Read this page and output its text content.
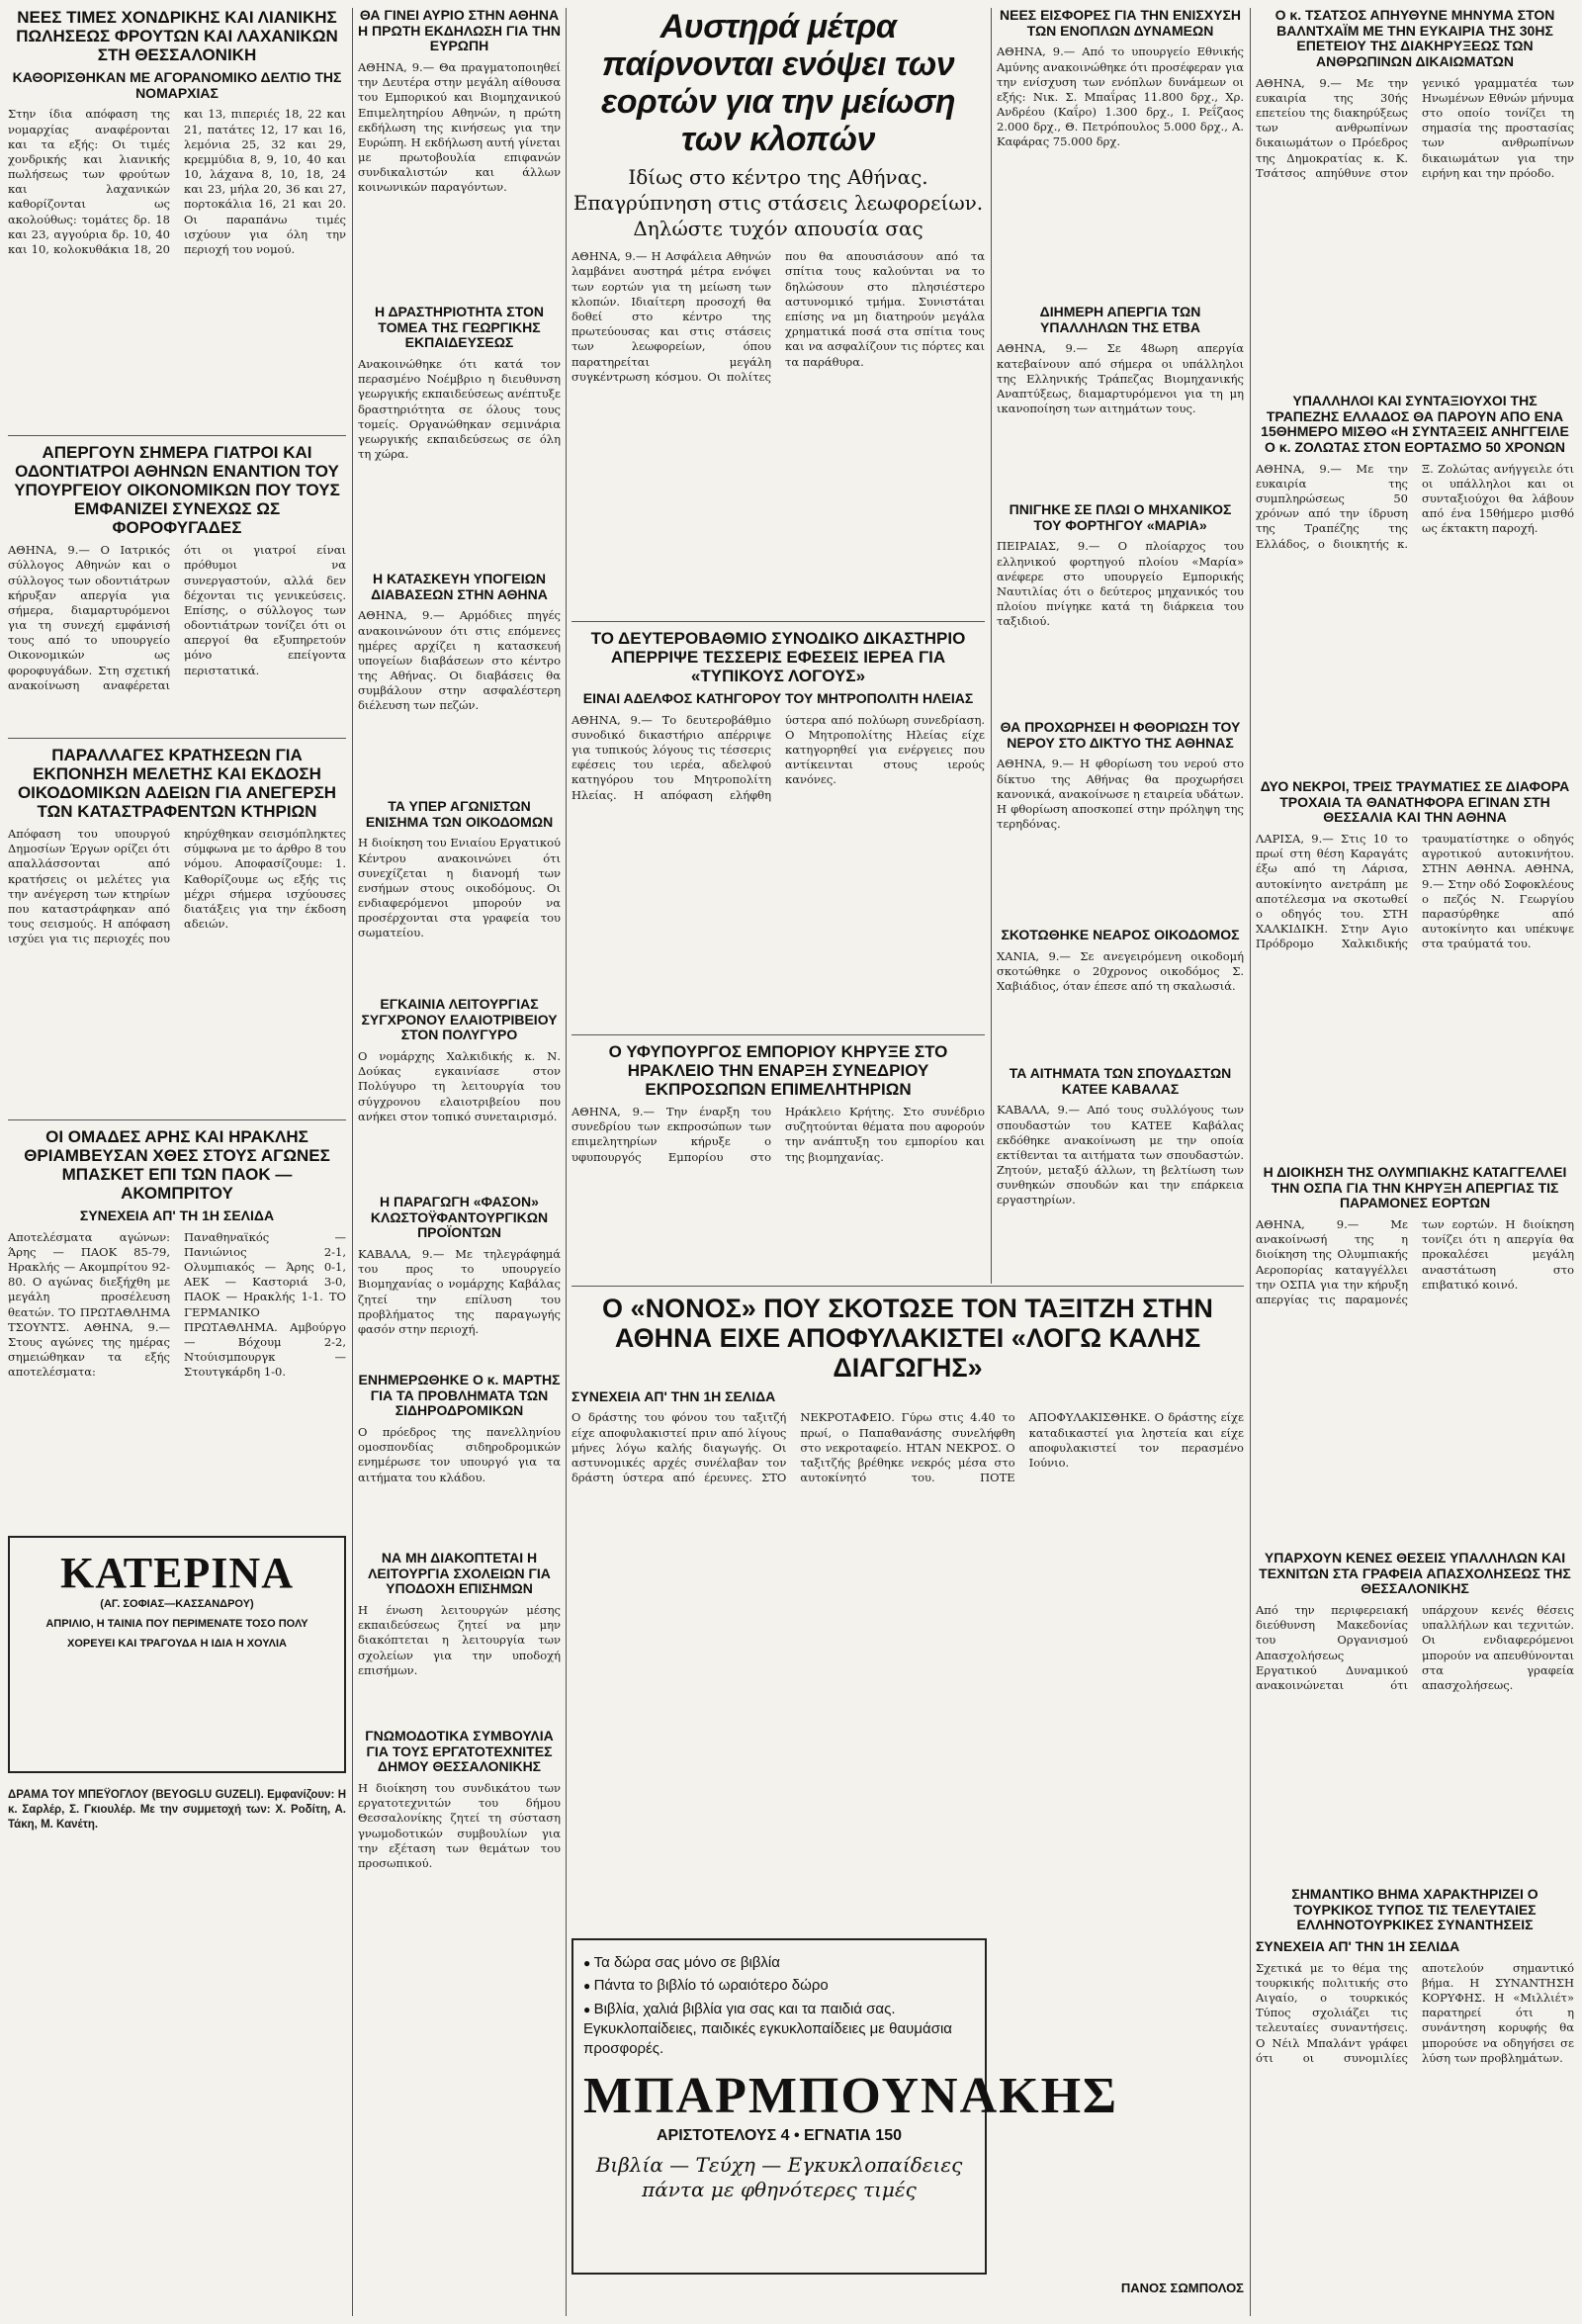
ΝΕΕΣ ΤΙΜΕΣ ΧΟΝΔΡΙΚΗΣ ΚΑΙ ΛΙΑΝΙΚΗΣ ΠΩΛΗΣΕΩΣ ΦΡΟΥΤΩΝ ΚΑΙ ΛΑΧΑΝΙΚΩΝ ΣΤΗ ΘΕΣΣΑΛΟΝΙΚΗ
ΚΑΘΟΡΙΣΘΗΚΑΝ ΜΕ ΑΓΟΡΑΝΟΜΙΚΟ ΔΕΛΤΙΟ ΤΗΣ ΝΟΜΑΡΧΙΑΣ

Στην ίδια απόφαση της νομαρχίας αναφέρονται και τα εξής: Οι τιμές χονδρικής και λιανικής πωλήσεως των φρούτων και λαχανικών καθορίζονται ως ακολούθως: τομάτες δρ. 18 και 23, αγγούρια δρ. 10, 40 και 10, κολοκυθάκια 18, 20 και 13, πιπεριές 18, 22 και 21, πατάτες 12, 17 και 16, λεμόνια 25, 32 και 29, κρεμμύδια 8, 9, 10, 40 και 10, λάχανα 8, 10, 18, 24 και 23, μήλα 20, 36 και 27, πορτοκάλια 16, 21 και 20. Οι παραπάνω τιμές ισχύουν για όλη την περιοχή του νομού.

ΑΠΕΡΓΟΥΝ ΣΗΜΕΡΑ ΓΙΑΤΡΟΙ ΚΑΙ ΟΔΟΝΤΙΑΤΡΟΙ ΑΘΗΝΩΝ ΕΝΑΝΤΙΟΝ ΤΟΥ ΥΠΟΥΡΓΕΙΟΥ ΟΙΚΟΝΟΜΙΚΩΝ ΠΟΥ ΤΟΥΣ ΕΜΦΑΝΙΖΕΙ ΣΥΝΕΧΩΣ ΩΣ ΦΟΡΟΦΥΓΑΔΕΣ

ΑΘΗΝΑ, 9.— Ο Ιατρικός σύλλογος Αθηνών και ο σύλλογος των οδοντιάτρων κήρυξαν απεργία για σήμερα, διαμαρτυρόμενοι για τη συνεχή εμφάνισή τους από το υπουργείο Οικονομικών ως φοροφυγάδων. Στη σχετική ανακοίνωση αναφέρεται ότι οι γιατροί είναι πρόθυμοι να συνεργαστούν, αλλά δεν δέχονται τις γενικεύσεις. Επίσης, ο σύλλογος των οδοντιάτρων τονίζει ότι οι απεργοί θα εξυπηρετούν μόνο επείγοντα περιστατικά.

ΠΑΡΑΛΛΑΓΕΣ ΚΡΑΤΗΣΕΩΝ ΓΙΑ ΕΚΠΟΝΗΣΗ ΜΕΛΕΤΗΣ ΚΑΙ ΕΚΔΟΣΗ ΟΙΚΟΔΟΜΙΚΩΝ ΑΔΕΙΩΝ ΓΙΑ ΑΝΕΓΕΡΣΗ ΤΩΝ ΚΑΤΑΣΤΡΑΦΕΝΤΩΝ ΚΤΗΡΙΩΝ

Απόφαση του υπουργού Δημοσίων Έργων ορίζει ότι απαλλάσσονται από κρατήσεις οι μελέτες για την ανέγερση των κτηρίων που καταστράφηκαν από τους σεισμούς. Η απόφαση ισχύει για τις περιοχές που κηρύχθηκαν σεισμόπληκτες σύμφωνα με το άρθρο 8 του νόμου. Αποφασίζουμε: 1. Καθορίζουμε ως εξής τις μέχρι σήμερα ισχύουσες διατάξεις για την έκδοση αδειών.

ΟΙ ΟΜΑΔΕΣ ΑΡΗΣ ΚΑΙ ΗΡΑΚΛΗΣ ΘΡΙΑΜΒΕΥΣΑΝ ΧΘΕΣ ΣΤΟΥΣ ΑΓΩΝΕΣ ΜΠΑΣΚΕΤ ΕΠΙ ΤΩΝ ΠΑΟΚ — ΑΚΟΜΠΡΙΤΟΥ
ΣΥΝΕΧΕΙΑ ΑΠ' ΤΗ 1Η ΣΕΛΙΔΑ

Αποτελέσματα αγώνων: Άρης — ΠΑΟΚ 85-79, Ηρακλής — Ακομπρίτου 92-80. Ο αγώνας διεξήχθη με μεγάλη προσέλευση θεατών. ΤΟ ΠΡΩΤΑΘΛΗΜΑ ΤΣΟΥΝΤΣ. ΑΘΗΝΑ, 9.— Στους αγώνες της ημέρας σημειώθηκαν τα εξής αποτελέσματα: Παναθηναϊκός — Πανιώνιος 2-1, Ολυμπιακός — Άρης 0-1, ΑΕΚ — Καστοριά 3-0, ΠΑΟΚ — Ηρακλής 1-1. ΤΟ ΓΕΡΜΑΝΙΚΟ ΠΡΩΤΑΘΛΗΜΑ. Αμβούργο — Βόχουμ 2-2, Ντούισμπουργκ — Στουτγκάρδη 1-0.

ΚΑΤΕΡΙΝΑ
(ΑΓ. ΣΟΦΙΑΣ—ΚΑΣΣΑΝΔΡΟΥ)
ΑΠΡΙΛΙΟ, Η ΤΑΙΝΙΑ ΠΟΥ ΠΕΡΙΜΕΝΑΤΕ ΤΟΣΟ ΠΟΛΥ
ΧΟΡΕΥΕΙ ΚΑΙ ΤΡΑΓΟΥΔΑ Η ΙΔΙΑ Η ΧΟΥΛΙΑ

ΔΡΑΜΑ ΤΟΥ ΜΠΕΫΟΓΛΟΥ (BEYOGLU GUZELI). Εμφανίζουν: Η κ. Σαρλέρ, Σ. Γκιουλέρ. Με την συμμετοχή των: Χ. Ροδίτη, Α. Τάκη, Μ. Κανέτη.

ΘΑ ΓΙΝΕΙ ΑΥΡΙΟ ΣΤΗΝ ΑΘΗΝΑ Η ΠΡΩΤΗ ΕΚΔΗΛΩΣΗ ΓΙΑ ΤΗΝ ΕΥΡΩΠΗ

ΑΘΗΝΑ, 9.— Θα πραγματοποιηθεί την Δευτέρα στην μεγάλη αίθουσα του Εμπορικού και Βιομηχανικού Επιμελητηρίου Αθηνών, η πρώτη εκδήλωση της κινήσεως για την Ευρώπη. Η εκδήλωση αυτή γίνεται με πρωτοβουλία επιφανών συνδικαλιστών και άλλων κοινωνικών παραγόντων.

Η ΔΡΑΣΤΗΡΙΟΤΗΤΑ ΣΤΟΝ ΤΟΜΕΑ ΤΗΣ ΓΕΩΡΓΙΚΗΣ ΕΚΠΑΙΔΕΥΣΕΩΣ

Ανακοινώθηκε ότι κατά τον περασμένο Νοέμβριο η διευθυνση γεωργικής εκπαιδεύσεως ανέπτυξε δραστηριότητα σε όλους τους τομείς. Οργανώθηκαν σεμινάρια γεωργικής εκπαιδεύσεως σε όλη τη χώρα.

Η ΚΑΤΑΣΚΕΥΗ ΥΠΟΓΕΙΩΝ ΔΙΑΒΑΣΕΩΝ ΣΤΗΝ ΑΘΗΝΑ

ΑΘΗΝΑ, 9.— Αρμόδιες πηγές ανακοινώνουν ότι στις επόμενες ημέρες αρχίζει η κατασκευή υπογείων διαβάσεων στο κέντρο της Αθήνας. Οι διαβάσεις θα συμβάλουν στην ασφαλέστερη διέλευση των πεζών.

ΤΑ ΥΠΕΡ ΑΓΩΝΙΣΤΩΝ ΕΝΙΣΗΜΑ ΤΩΝ ΟΙΚΟΔΟΜΩΝ

Η διοίκηση του Ενιαίου Εργατικού Κέντρου ανακοινώνει ότι συνεχίζεται η διανομή των ενσήμων στους οικοδόμους. Οι ενδιαφερόμενοι μπορούν να προσέρχονται στα γραφεία του σωματείου.

ΕΓΚΑΙΝΙΑ ΛΕΙΤΟΥΡΓΙΑΣ ΣΥΓΧΡΟΝΟΥ ΕΛΑΙΟΤΡΙΒΕΙΟΥ ΣΤΟΝ ΠΟΛΥΓΥΡΟ

Ο νομάρχης Χαλκιδικής κ. Ν. Δούκας εγκαινίασε στον Πολύγυρο τη λειτουργία του σύγχρονου ελαιοτριβείου που ανήκει στον τοπικό συνεταιρισμό.

Η ΠΑΡΑΓΩΓΗ «ΦΑΣΟΝ» ΚΛΩΣΤΟΫΦΑΝΤΟΥΡΓΙΚΩΝ ΠΡΟΪΟΝΤΩΝ

ΚΑΒΑΛΑ, 9.— Με τηλεγράφημά του προς το υπουργείο Βιομηχανίας ο νομάρχης Καβάλας ζητεί την επίλυση του προβλήματος της παραγωγής φασόν στην περιοχή.

ΕΝΗΜΕΡΩΘΗΚΕ Ο κ. ΜΑΡΤΗΣ ΓΙΑ ΤΑ ΠΡΟΒΛΗΜΑΤΑ ΤΩΝ ΣΙΔΗΡΟΔΡΟΜΙΚΩΝ

Ο πρόεδρος της πανελληνίου ομοσπονδίας σιδηροδρομικών ενημέρωσε τον υπουργό για τα αιτήματα του κλάδου.

ΝΑ ΜΗ ΔΙΑΚΟΠΤΕΤΑΙ Η ΛΕΙΤΟΥΡΓΙΑ ΣΧΟΛΕΙΩΝ ΓΙΑ ΥΠΟΔΟΧΗ ΕΠΙΣΗΜΩΝ

Η ένωση λειτουργών μέσης εκπαιδεύσεως ζητεί να μην διακόπτεται η λειτουργία των σχολείων για την υποδοχή επισήμων.

ΓΝΩΜΟΔΟΤΙΚΑ ΣΥΜΒΟΥΛΙΑ ΓΙΑ ΤΟΥΣ ΕΡΓΑΤΟΤΕΧΝΙΤΕΣ ΔΗΜΟΥ ΘΕΣΣΑΛΟΝΙΚΗΣ

Η διοίκηση του συνδικάτου των εργατοτεχνιτών του δήμου Θεσσαλονίκης ζητεί τη σύσταση γνωμοδοτικών συμβουλίων για την εξέταση των θεμάτων του προσωπικού.

Αυστηρά μέτρα παίρνονται ενόψει των εορτών για την μείωση των κλοπών

Ιδίως στο κέντρο της Αθήνας. Επαγρύπνηση στις στάσεις λεωφορείων. Δηλώστε τυχόν απουσία σας

ΑΘΗΝΑ, 9.— Η Ασφάλεια Αθηνών λαμβάνει αυστηρά μέτρα ενόψει των εορτών για τη μείωση των κλοπών. Ιδιαίτερη προσοχή θα δοθεί στο κέντρο της πρωτεύουσας και στις στάσεις των λεωφορείων, όπου παρατηρείται μεγάλη συγκέντρωση κόσμου. Οι πολίτες που θα απουσιάσουν από τα σπίτια τους καλούνται να το δηλώσουν στο πλησιέστερο αστυνομικό τμήμα. Συνιστάται επίσης να μη διατηρούν μεγάλα χρηματικά ποσά στα σπίτια τους και να ασφαλίζουν τις πόρτες και τα παράθυρα.

ΤΟ ΔΕΥΤΕΡΟΒΑΘΜΙΟ ΣΥΝΟΔΙΚΟ ΔΙΚΑΣΤΗΡΙΟ ΑΠΕΡΡΙΨΕ ΤΕΣΣΕΡΙΣ ΕΦΕΣΕΙΣ ΙΕΡΕΑ ΓΙΑ «ΤΥΠΙΚΟΥΣ ΛΟΓΟΥΣ»
ΕΙΝΑΙ ΑΔΕΛΦΟΣ ΚΑΤΗΓΟΡΟΥ ΤΟΥ ΜΗΤΡΟΠΟΛΙΤΗ ΗΛΕΙΑΣ

ΑΘΗΝΑ, 9.— Το δευτεροβάθμιο συνοδικό δικαστήριο απέρριψε για τυπικούς λόγους τις τέσσερις εφέσεις του ιερέα, αδελφού κατηγόρου του Μητροπολίτη Ηλείας. Η απόφαση ελήφθη ύστερα από πολύωρη συνεδρίαση. Ο Μητροπολίτης Ηλείας είχε κατηγορηθεί για ενέργειες που αντίκεινται στους ιερούς κανόνες.

Ο ΥΦΥΠΟΥΡΓΟΣ ΕΜΠΟΡΙΟΥ ΚΗΡΥΞΕ ΣΤΟ ΗΡΑΚΛΕΙΟ ΤΗΝ ΕΝΑΡΞΗ ΣΥΝΕΔΡΙΟΥ ΕΚΠΡΟΣΩΠΩΝ ΕΠΙΜΕΛΗΤΗΡΙΩΝ

ΑΘΗΝΑ, 9.— Την έναρξη του συνεδρίου των εκπροσώπων των επιμελητηρίων κήρυξε ο υφυπουργός Εμπορίου στο Ηράκλειο Κρήτης. Στο συνέδριο συζητούνται θέματα που αφορούν την ανάπτυξη του εμπορίου και της βιομηχανίας.

ΝΕΕΣ ΕΙΣΦΟΡΕΣ ΓΙΑ ΤΗΝ ΕΝΙΣΧΥΣΗ ΤΩΝ ΕΝΟΠΛΩΝ ΔΥΝΑΜΕΩΝ

ΑΘΗΝΑ, 9.— Από το υπουργείο Εθνικής Αμύνης ανακοινώθηκε ότι προσέφεραν για την ενίσχυση των ενόπλων δυνάμεων οι εξής: Νικ. Σ. Μπαΐρας 11.800 δρχ., Χρ. Ανδρέου (Καΐρο) 1.300 δρχ., Ι. Ρεΐζαος 2.000 δρχ., Θ. Πετρόπουλος 5.000 δρχ., Α. Καφάρας 75.000 δρχ.

ΔΙΗΜΕΡΗ ΑΠΕΡΓΙΑ ΤΩΝ ΥΠΑΛΛΗΛΩΝ ΤΗΣ ΕΤΒΑ

ΑΘΗΝΑ, 9.— Σε 48ωρη απεργία κατεβαίνουν από σήμερα οι υπάλληλοι της Ελληνικής Τράπεζας Βιομηχανικής Αναπτύξεως, διαμαρτυρόμενοι για τη μη ικανοποίηση των αιτημάτων τους.

ΠΝΙΓΗΚΕ ΣΕ ΠΛΩΙ Ο ΜΗΧΑΝΙΚΟΣ ΤΟΥ ΦΟΡΤΗΓΟΥ «ΜΑΡΙΑ»

ΠΕΙΡΑΙΑΣ, 9.— Ο πλοίαρχος του ελληνικού φορτηγού πλοίου «Μαρία» ανέφερε στο υπουργείο Εμπορικής Ναυτιλίας ότι ο δεύτερος μηχανικός του πλοίου πνίγηκε κατά τη διάρκεια του ταξιδιού.

ΘΑ ΠΡΟΧΩΡΗΣΕΙ Η ΦΘΟΡΙΩΣΗ ΤΟΥ ΝΕΡΟΥ ΣΤΟ ΔΙΚΤΥΟ ΤΗΣ ΑΘΗΝΑΣ

ΑΘΗΝΑ, 9.— Η φθορίωση του νερού στο δίκτυο της Αθήνας θα προχωρήσει κανονικά, ανακοίνωσε η εταιρεία υδάτων. Η φθορίωση αποσκοπεί στην πρόληψη της τερηδόνας.

ΣΚΟΤΩΘΗΚΕ ΝΕΑΡΟΣ ΟΙΚΟΔΟΜΟΣ

ΧΑΝΙΑ, 9.— Σε ανεγειρόμενη οικοδομή σκοτώθηκε ο 20χρονος οικοδόμος Σ. Χαβιάδιος, όταν έπεσε από τη σκαλωσιά.

ΤΑ ΑΙΤΗΜΑΤΑ ΤΩΝ ΣΠΟΥΔΑΣΤΩΝ ΚΑΤΕΕ ΚΑΒΑΛΑΣ

ΚΑΒΑΛΑ, 9.— Από τους συλλόγους των σπουδαστών του ΚΑΤΕΕ Καβάλας εκδόθηκε ανακοίνωση με την οποία εκτίθενται τα αιτήματα των σπουδαστών. Ζητούν, μεταξύ άλλων, τη βελτίωση των συνθηκών σπουδών και την επάρκεια εργαστηρίων.

Ο «ΝΟΝΟΣ» ΠΟΥ ΣΚΟΤΩΣΕ ΤΟΝ ΤΑΞΙΤΖΗ ΣΤΗΝ ΑΘΗΝΑ ΕΙΧΕ ΑΠΟΦΥΛΑΚΙΣΤΕΙ «ΛΟΓΩ ΚΑΛΗΣ ΔΙΑΓΩΓΗΣ»
ΣΥΝΕΧΕΙΑ ΑΠ' ΤΗΝ 1Η ΣΕΛΙΔΑ

Ο δράστης του φόνου του ταξιτζή είχε αποφυλακιστεί πριν από λίγους μήνες λόγω καλής διαγωγής. Οι αστυνομικές αρχές συνέλαβαν τον δράστη ύστερα από έρευνες. ΣΤΟ ΝΕΚΡΟΤΑΦΕΙΟ. Γύρω στις 4.40 το πρωί, ο Παπαθανάσης συνελήφθη στο νεκροταφείο. ΗΤΑΝ ΝΕΚΡΟΣ. Ο ταξιτζής βρέθηκε νεκρός μέσα στο αυτοκίνητό του. ΠΟΤΕ ΑΠΟΦΥΛΑΚΙΣΘΗΚΕ. Ο δράστης είχε καταδικαστεί για ληστεία και είχε αποφυλακιστεί τον περασμένο Ιούνιο.

● Τα δώρα σας μόνο σε βιβλία
● Πάντα το βιβλίο τό ωραιότερο δώρο
● Βιβλία, χαλιά βιβλία για σας και τα παιδιά σας. Εγκυκλοπαίδειες, παιδικές εγκυκλοπαίδειες με θαυμάσια προσφορές.
ΜΠΑΡΜΠΟΥΝΑΚΗΣ
ΑΡΙΣΤΟΤΕΛΟΥΣ 4 • ΕΓΝΑΤΙΑ 150
Βιβλία — Τεύχη — Εγκυκλοπαίδειες πάντα με φθηνότερες τιμές
ΠΑΝΟΣ ΣΩΜΠΟΛΟΣ
Ο κ. ΤΣΑΤΣΟΣ ΑΠΗΥΘΥΝΕ ΜΗΝΥΜΑ ΣΤΟΝ ΒΑΛΝΤΧΑΪΜ ΜΕ ΤΗΝ ΕΥΚΑΙΡΙΑ ΤΗΣ 30ΗΣ ΕΠΕΤΕΙΟΥ ΤΗΣ ΔΙΑΚΗΡΥΞΕΩΣ ΤΩΝ ΑΝΘΡΩΠΙΝΩΝ ΔΙΚΑΙΩΜΑΤΩΝ

ΑΘΗΝΑ, 9.— Με την ευκαιρία της 30ής επετείου της διακηρύξεως των ανθρωπίνων δικαιωμάτων ο Πρόεδρος της Δημοκρατίας κ. Κ. Τσάτσος απηύθυνε στον γενικό γραμματέα των Ηνωμένων Εθνών μήνυμα στο οποίο τονίζει τη σημασία της προστασίας των ανθρωπίνων δικαιωμάτων για την ειρήνη και την πρόοδο.

ΥΠΑΛΛΗΛΟΙ ΚΑΙ ΣΥΝΤΑΞΙΟΥΧΟΙ ΤΗΣ ΤΡΑΠΕΖΗΣ ΕΛΛΑΔΟΣ ΘΑ ΠΑΡΟΥΝ ΑΠΟ ΕΝΑ 15ΘΗΜΕΡΟ ΜΙΣΘΟ «Η ΣΥΝΤΑΞΕΙΣ ΑΝΗΓΓΕΙΛΕ Ο κ. ΖΟΛΩΤΑΣ ΣΤΟΝ ΕΟΡΤΑΣΜΟ 50 ΧΡΟΝΩΝ

ΑΘΗΝΑ, 9.— Με την ευκαιρία της συμπληρώσεως 50 χρόνων από την ίδρυση της Τραπέζης της Ελλάδος, ο διοικητής κ. Ξ. Ζολώτας ανήγγειλε ότι οι υπάλληλοι και οι συνταξιούχοι θα λάβουν από ένα 15θήμερο μισθό ως έκτακτη παροχή.

ΔΥΟ ΝΕΚΡΟΙ, ΤΡΕΙΣ ΤΡΑΥΜΑΤΙΕΣ ΣΕ ΔΙΑΦΟΡΑ ΤΡΟΧΑΙΑ ΤΑ ΘΑΝΑΤΗΦΟΡΑ ΕΓΙΝΑΝ ΣΤΗ ΘΕΣΣΑΛΙΑ ΚΑΙ ΤΗΝ ΑΘΗΝΑ

ΛΑΡΙΣΑ, 9.— Στις 10 το πρωί στη θέση Καραγάτς έξω από τη Λάρισα, αυτοκίνητο ανετράπη με αποτέλεσμα να σκοτωθεί ο οδηγός του. ΣΤΗ ΧΑΛΚΙΔΙΚΗ. Στην Αγιο Πρόδρομο Χαλκιδικής τραυματίστηκε ο οδηγός αγροτικού αυτοκινήτου. ΣΤΗΝ ΑΘΗΝΑ. ΑΘΗΝΑ, 9.— Στην οδό Σοφοκλέους ο πεζός Ν. Γεωργίου παρασύρθηκε από αυτοκίνητο και υπέκυψε στα τραύματά του.

Η ΔΙΟΙΚΗΣΗ ΤΗΣ ΟΛΥΜΠΙΑΚΗΣ ΚΑΤΑΓΓΕΛΛΕΙ ΤΗΝ ΟΣΠΑ ΓΙΑ ΤΗΝ ΚΗΡΥΞΗ ΑΠΕΡΓΙΑΣ ΤΙΣ ΠΑΡΑΜΟΝΕΣ ΕΟΡΤΩΝ

ΑΘΗΝΑ, 9.— Με ανακοίνωσή της η διοίκηση της Ολυμπιακής Αεροπορίας καταγγέλλει την ΟΣΠΑ για την κήρυξη απεργίας τις παραμονές των εορτών. Η διοίκηση τονίζει ότι η απεργία θα προκαλέσει μεγάλη αναστάτωση στο επιβατικό κοινό.

ΥΠΑΡΧΟΥΝ ΚΕΝΕΣ ΘΕΣΕΙΣ ΥΠΑΛΛΗΛΩΝ ΚΑΙ ΤΕΧΝΙΤΩΝ ΣΤΑ ΓΡΑΦΕΙΑ ΑΠΑΣΧΟΛΗΣΕΩΣ ΤΗΣ ΘΕΣΣΑΛΟΝΙΚΗΣ

Από την περιφερειακή διεύθυνση Μακεδονίας του Οργανισμού Απασχολήσεως Εργατικού Δυναμικού ανακοινώνεται ότι υπάρχουν κενές θέσεις υπαλλήλων και τεχνιτών. Οι ενδιαφερόμενοι μπορούν να απευθύνονται στα γραφεία απασχολήσεως.

ΣΗΜΑΝΤΙΚΟ ΒΗΜΑ ΧΑΡΑΚΤΗΡΙΖΕΙ Ο ΤΟΥΡΚΙΚΟΣ ΤΥΠΟΣ ΤΙΣ ΤΕΛΕΥΤΑΙΕΣ ΕΛΛΗΝΟΤΟΥΡΚΙΚΕΣ ΣΥΝΑΝΤΗΣΕΙΣ
ΣΥΝΕΧΕΙΑ ΑΠ' ΤΗΝ 1Η ΣΕΛΙΔΑ

Σχετικά με το θέμα της τουρκικής πολιτικής στο Αιγαίο, ο τουρκικός Τύπος σχολιάζει τις τελευταίες συναντήσεις. Ο Νέιλ Μπαλάντ γράφει ότι οι συνομιλίες αποτελούν σημαντικό βήμα. Η ΣΥΝΑΝΤΗΣΗ ΚΟΡΥΦΗΣ. Η «Μιλλιέτ» παρατηρεί ότι η συνάντηση κορυφής θα μπορούσε να οδηγήσει σε λύση των προβλημάτων.
